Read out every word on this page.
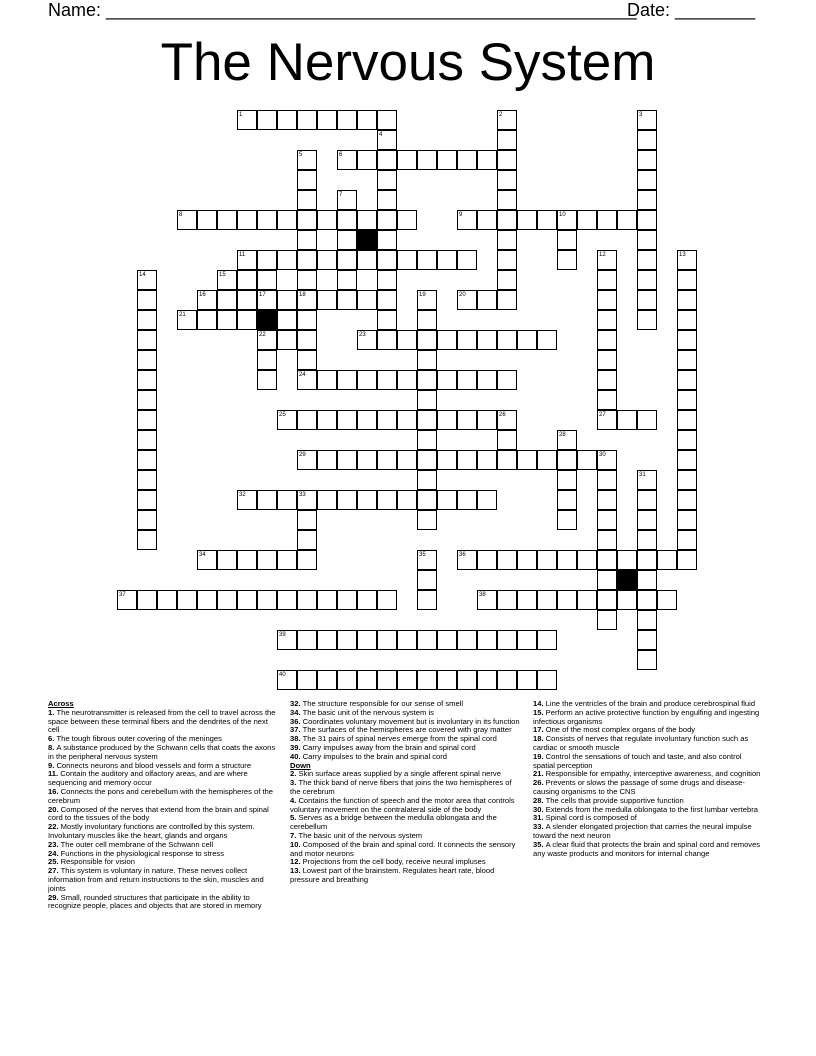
Name: _____________________________________________________
Date: ________
The Nervous System
1
6
8	9	10
11
15
16	17	18	20
21
22	23
24
25	27
29
32	33
34	36
37	38
39
40
2	3
4
5
7
12	13
14
19
26
28
30
31
35
Across
1. The neurotransmitter is released from the cell to travel across the space between these terminal fibers and the dendrites of the next cell
6. The tough fibrous outer covering of the meninges
8. A substance produced by the Schwann cells that coats the axons in the peripheral nervous system
9. Connects neurons and blood vessels and form a structure
11. Contain the auditory and olfactory areas, and are where sequencing and memory occur
16. Connects the pons and cerebellum with the hemispheres of the cerebrum
20. Composed of the nerves that extend from the brain and spinal cord to the tissues of the body
22. Mostly involuntary functions are controlled by this system. Involuntary muscles like the heart, glands and organs
23. The outer cell membrane of the Schwann cell
24. Functions in the physiological response to stress
25. Responsible for vision
27. This system is voluntary in nature. These nerves collect information from and return instructions to the skin, muscles and joints
29. Small, rounded structures that participate in the ability to recognize people, places and objects that are stored in memory
32. The structure responsible for our sense of smell
34. The basic unit of the nervous system is
36. Coordinates voluntary movement but is involuntary in its function
37. The surfaces of the hemispheres are covered with gray matter
38. The 31 pairs of spinal nerves emerge from the spinal cord
39. Carry impulses away from the brain and spinal cord
40. Carry impulses to the brain and spinal cord
Down
2. Skin surface areas supplied by a single afferent spinal nerve
3. The thick band of nerve fibers that joins the two hemispheres of the cerebrum
4. Contains the function of speech and the motor area that controls voluntary movement on the contralateral side of the body
5. Serves as a bridge between the medulla oblongata and the cerebellum
7. The basic unit of the nervous system
10. Composed of the brain and spinal cord. It connects the sensory and motor neurons
12. Projections from the cell body, receive neural impluses
13. Lowest part of the brainstem. Regulates heart rate, blood pressure and breathing
14. Line the ventricles of the brain and produce cerebrospinal fluid
15. Perform an active protective function by engulfing and ingesting infectious organisms
17. One of the most complex organs of the body
18. Consists of nerves that regulate involuntary function such as cardiac or smooth muscle
19. Control the sensations of touch and taste, and also control spatial perception
21. Responsible for empathy, interceptive awareness, and cognition
26. Prevents or slows the passage of some drugs and disease-causing organisms to the CNS
28. The cells that provide supportive function
30. Extends from the medulla oblongata to the first lumbar vertebra
31. Spinal cord is composed of
33. A slender elongated projection that carries the neural impulse toward the next neuron
35. A clear fluid that protects the brain and spinal cord and removes any waste products and monitors for internal change
